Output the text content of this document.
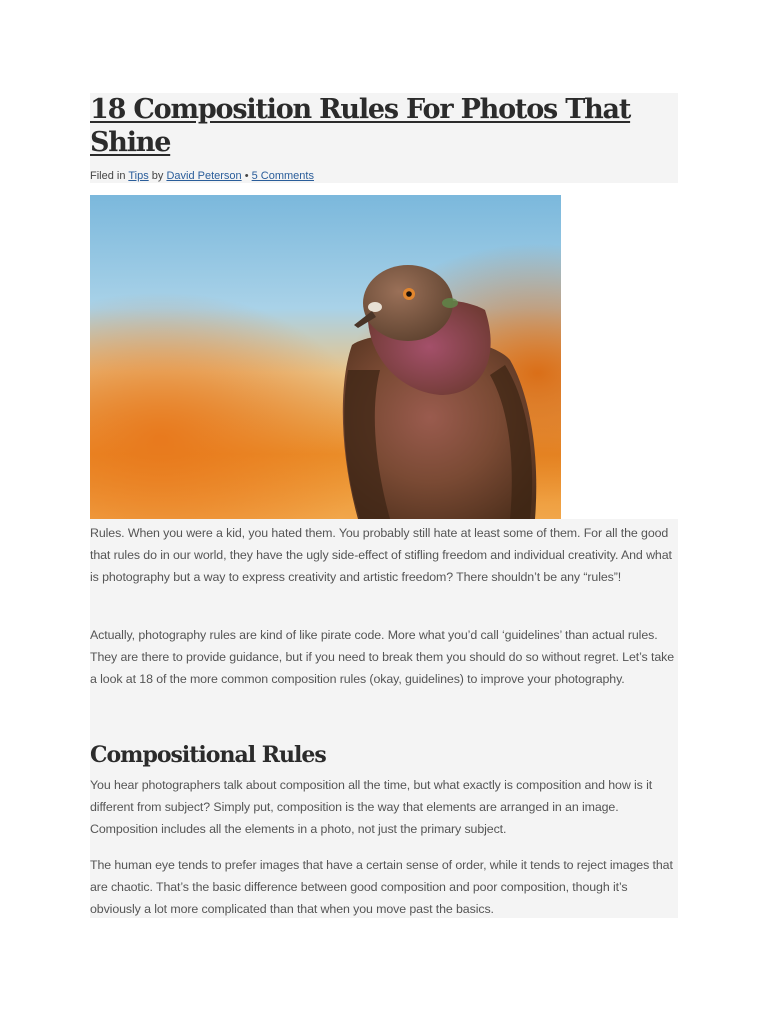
18 Composition Rules For Photos That Shine
Filed in Tips by David Peterson • 5 Comments

Rules. When you were a kid, you hated them. You probably still hate at least some of them. For all the good that rules do in our world, they have the ugly side-effect of stifling freedom and individual creativity. And what is photography but a way to express creativity and artistic freedom? There shouldn’t be any “rules”!

Actually, photography rules are kind of like pirate code. More what you’d call ‘guidelines’ than actual rules. They are there to provide guidance, but if you need to break them you should do so without regret. Let’s take a look at 18 of the more common composition rules (okay, guidelines) to improve your photography.

Compositional Rules

You hear photographers talk about composition all the time, but what exactly is composition and how is it different from subject? Simply put, composition is the way that elements are arranged in an image. Composition includes all the elements in a photo, not just the primary subject.

The human eye tends to prefer images that have a certain sense of order, while it tends to reject images that are chaotic. That’s the basic difference between good composition and poor composition, though it’s obviously a lot more complicated than that when you move past the basics.
